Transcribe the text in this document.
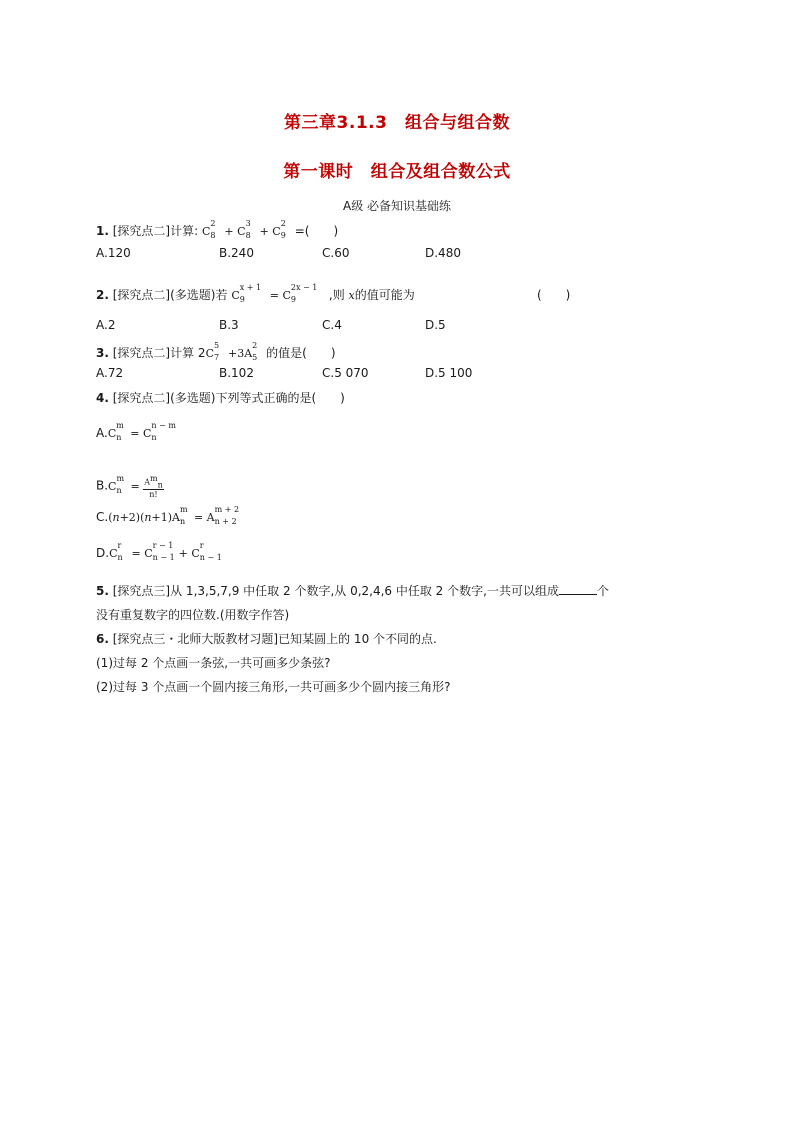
第三章3.1.3　组合与组合数
第一课时　组合及组合数公式
A级 必备知识基础练
1. [探究点二]计算: C
2
8 + C
3
8 + C
2
9 =(　　)
A.120	B.240	C.60	D.480
2. [探究点二](多选题)若 C
x + 1
9 = C
2x − 1
9	,则 x的值可能为	(　　)
A.2	B.3	C.4	D.5
3. [探究点二]计算 2C
5
7 +3A
2
5 的值是(　　)
A.72	B.102	C.5 070	D.5 100
4. [探究点二](多选题)下列等式正确的是(　　)
A.C
m
n = C
n − m
n
B.C
m
$n = \frac{A^m_n}{n!}$
C.(n+2)(n+1)A
m
n = A
m + 2
n + 2
D.C
r
n = C
r − 1
n − 1 + C
r
n − 1
5. [探究点三]从 1,3,5,7,9 中任取 2 个数字,从 0,2,4,6 中任取 2 个数字,一共可以组成	个
没有重复数字的四位数.(用数字作答)
6. [探究点三・北师大版教材习题]已知某圆上的 10 个不同的点.
(1)过每 2 个点画一条弦,一共可画多少条弦?
(2)过每 3 个点画一个圆内接三角形,一共可画多少个圆内接三角形?
